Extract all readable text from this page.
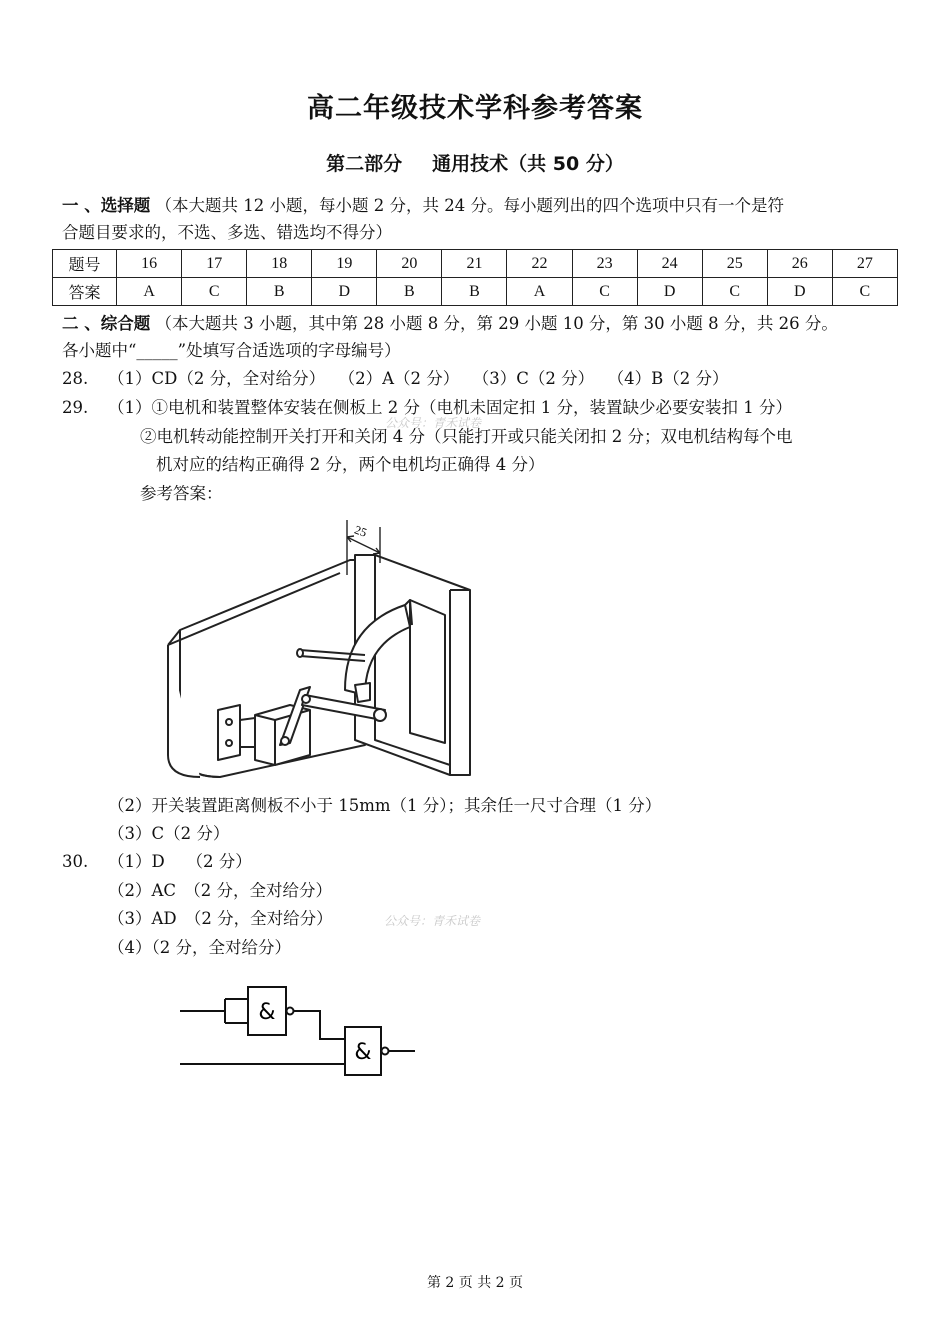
高二年级技术学科参考答案
第二部分 通用技术（共 50 分）
一 、选择题 （本大题共 12 小题，每小题 2 分，共 24 分。每小题列出的四个选项中只有一个是符
合题目要求的，不选、多选、错选均不得分）
题号	16	17	18	19	20	21	22	23	24	25	26	27
答案	A	C	B	D	B	B	A	C	D	C	D	C
二 、综合题 （本大题共 3 小题，其中第 28 小题 8 分，第 29 小题 10 分，第 30 小题 8 分，共 26 分。
各小题中“_____”处填写合适选项的字母编号）
28. （1）CD（2 分，全对给分）　 （2）A（2 分）　 （3）C（2 分）　 （4）B（2 分）
29. （1）①电机和装置整体安装在侧板上 2 分（电机未固定扣 1 分，装置缺少必要安装扣 1 分）
②电机转动能控制开关打开和关闭 4 分（只能打开或只能关闭扣 2 分；双电机结构每个电
机对应的结构正确得 2 分，两个电机均正确得 4 分）
参考答案：
公众号：青禾试卷
25
（2）开关装置距离侧板不小于 15mm（1 分）；其余任一尺寸合理（1 分）
（3）C（2 分）
30. （1）D　 （2 分）
（2）AC　（2 分，全对给分）
（3）AD　（2 分，全对给分）	公众号：青禾试卷
（4）（2 分，全对给分）
&
&
第 2 页 共 2 页
